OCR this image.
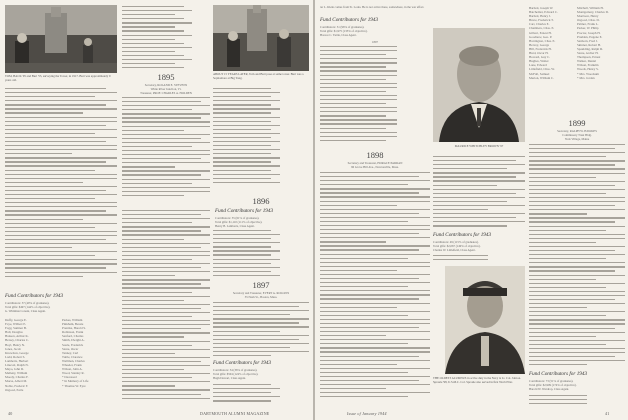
TOM, HACK '95 and Burt '53, surveying the Tower, in 1917. Burt was approximately 9 years old.
Fund Contributors for 1943
Contributors: 37 (49% of graduates).
Total gifts: $497 (144% of objective).
G. Whitman Conant, Class Agent.
Duffy, George E.
Foye, Wilbert E.
Fogg, Sumner B.
Hall, Douglas
Hanson, Arthur K.
Hersey, Charles C.
Hoyt, Henry N.
Jones, Jacob
Knowlton, George
Ladd, Robert S.
Lamberts, Herbert
Linscott, Ralph N.
Mayo, John D.
Melleny, William
Moody, Charles F.
Morse, Albert M.
Noble, Frederic F.
Osgood, Earle
Parkes, William
Pinkham, Bessie
Prentiss, Harold S.
Robinson, Frank
Sanford, Charles
Smith, Dwight A.
Soule, Frederick
Stone, Oscar
Tenney, Carl
Tuttle, Clarence
Wellman, Charles
Wheeler, Frank
Wilson, John A.
Wood, Stanley R.
* Deceased
* In Memory of Life
* Thomas W. Eyre
1895
Secretary, ROLAND E. STEVENS
White River Junction, Vt.
Treasurer, PROF. CHARLES A. HOLDEN
1896
Fund Contributors for 1943
Contributors: 35 (61% of graduates).
Total gifts: $1,110 (111% of objective).
Henry B. Lamberts, Class Agent.
ABOUT 15 YEARS LATER, Tom and Burt pose at same tower. Burt was a Sophomore at Big Tong.
1897
Secretary and Treasurer, EVERT A. ROLLINS
35 Nash St., Boston, Mass.
Fund Contributors for 1943
Contributors: 34 (36% of graduates).
Total gifts: $504 (124% of objective).
Hugh Dewart, Class Agent.
40	DARTMOUTH ALUMNI MAGAZINE
ter L. Klein comes from St. Louis. He is not active there, somewhere, in the war effort.
Fund Contributors for 1943
Contributors: 51 (96% of graduates).
Total gifts: $1,975 (133% of objective).
Horace C. Tuttle, Class Agent.
1897
1898
Secretary and Treasurer, HORACE PARRAN
96 Grove Hill Ave., Newtonville, Mass.
MAURICE WHITCHLEY BROWN '97
Fund Contributors for 1943
Contributors: 49 (115% of graduates).
Total gifts: $2,067 (149% of objective).
Charles W. Littlefield, Class Agent.
THE OLDEST ALUMNUS in active duty in the Navy is Lt. Col. John A. Sproule '98, U.S.M.C. Col. Sproule also served in first World War.
Bartlett, Joseph W.
Batchelder, Edward C.
Bartlett, Henry J.
Bruce, Frederick T.
Carr, Charles E.
Chambers, Chas. E.
Gilbert, Ernest H.
Goodnow, Geo. P.
Harrington, Chas. E.
Hervey, George
Hill, Frederick H.
Hurd, Oscar H.
Howard, Guy C.
Hughes, Walter
Lane, Edward
Littlefield, Chas. W.
McFall, Samuel
Merton, William C.
Mitchell, William H.
Montgomery, Charles D.
Morrison, Henry
Osgood, Chas. D.
Palmer, Frank L.
Parker, W. Philip
Proctor, Joseph H.
Prudden, Eugene E.
Sanborn, Fred J.
Skinner, Robert H.
Spaulding, Ralph D.
Stone, Archer H.
Thompson, Ernest
Walker, Daniel
Wilson, Franklin
Woods, Henry S.
* Mrs. Woodsum
* Mrs. Jordan
1899
Secretary, RALPH W. HAWKES
Commissary Trust Bldg.
York Village, Maine
Fund Contributors for 1943
Contributors: 73 (51% of graduates).
Total gifts: $2,909 (174% of objective).
Harold W. Wardrop, Class Agent.
Issue of January 1944	41
